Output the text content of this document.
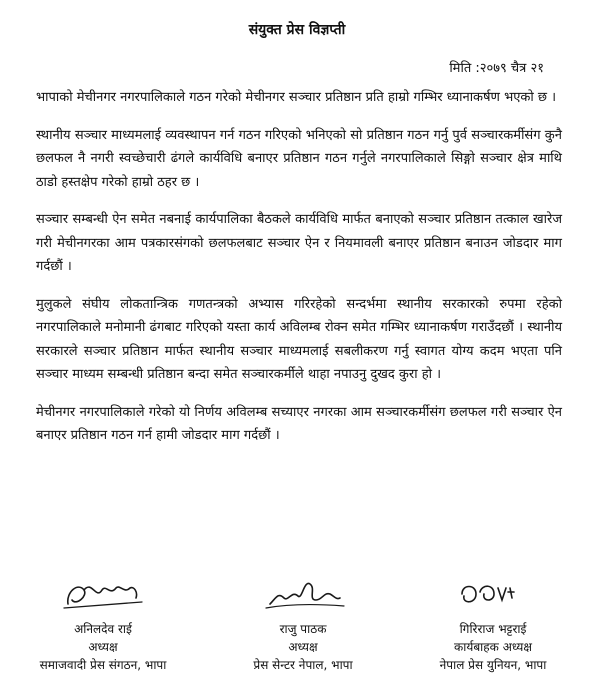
संयुक्त प्रेस विज्ञप्ती
मिति :२०७९ चैत्र २१

भापाको मेचीनगर नगरपालिकाले गठन गरेको मेचीनगर सञ्चार प्रतिष्ठान प्रति हाम्रो गम्भिर ध्यानाकर्षण भएको छ ।

स्थानीय सञ्चार माध्यमलाई व्यवस्थापन गर्न गठन गरिएको भनिएको सो प्रतिष्ठान गठन गर्नु पुर्व सञ्चारकर्मीसंग कुनै छलफल नै नगरी स्वच्छेचारी ढंगले कार्यविधि बनाएर प्रतिष्ठान गठन गर्नुले नगरपालिकाले सिङ्गो सञ्चार क्षेत्र माथि ठाडो हस्तक्षेप गरेको हाम्रो ठहर छ ।

सञ्चार सम्बन्धी ऐन समेत नबनाई कार्यपालिका बैठकले कार्यविधि मार्फत बनाएको सञ्चार प्रतिष्ठान तत्काल खारेज गरी मेचीनगरका आम पत्रकारसंगको छलफलबाट सञ्चार ऐन र नियमावली बनाएर प्रतिष्ठान बनाउन जोडदार माग गर्दछौं ।

मुलुकले संघीय लोकतान्त्रिक गणतन्त्रको अभ्यास गरिरहेको सन्दर्भमा स्थानीय सरकारको रुपमा रहेको नगरपालिकाले मनोमानी ढंगबाट गरिएको यस्ता कार्य अविलम्ब रोक्न समेत गम्भिर ध्यानाकर्षण गराउँदछौं । स्थानीय सरकारले सञ्चार प्रतिष्ठान मार्फत स्थानीय सञ्चार माध्यमलाई सबलीकरण गर्नु स्वागत योग्य कदम भएता पनि सञ्चार माध्यम सम्बन्धी प्रतिष्ठान बन्दा समेत सञ्चारकर्मीले थाहा नपाउनु दुखद कुरा हो ।

मेचीनगर नगरपालिकाले गरेको यो निर्णय अविलम्ब सच्याएर नगरका आम सञ्चारकर्मीसंग छलफल गरी सञ्चार ऐन बनाएर प्रतिष्ठान गठन गर्न हामी जोडदार माग गर्दछौं ।

अनिलदेव राई
अध्यक्ष
समाजवादी प्रेस संगठन, भापा
राजु पाठक
अध्यक्ष
प्रेस सेन्टर नेपाल, भापा
गिरिराज भट्टराई
कार्यबाहक अध्यक्ष
नेपाल प्रेस युनियन, भापा
